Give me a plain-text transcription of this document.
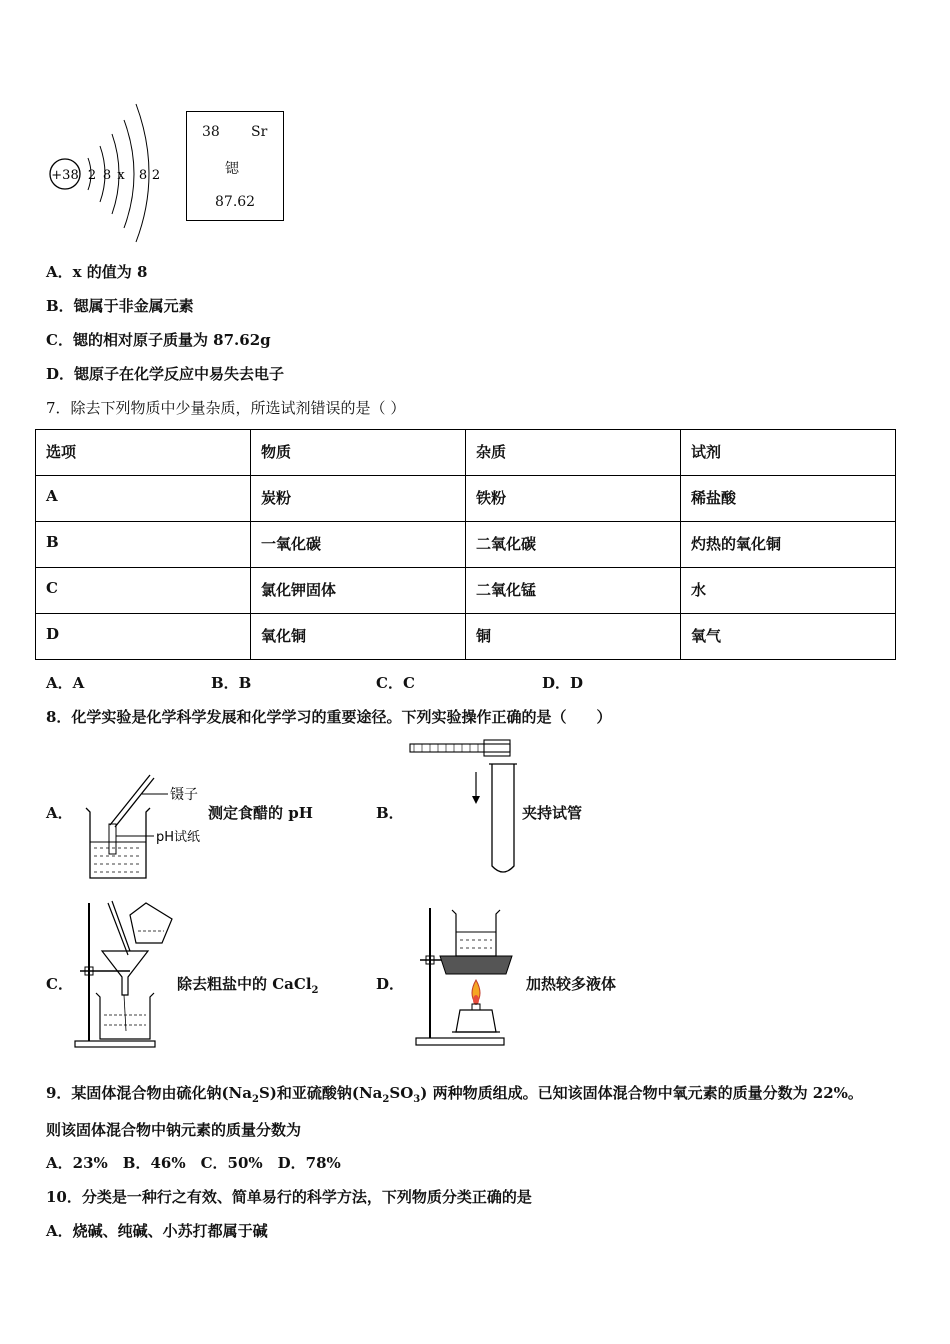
+38 2 8 x 8 2
38 Sr
锶
87.62
A．x 的值为 8
B．锶属于非金属元素
C．锶的相对原子质量为 87.62g
D．锶原子在化学反应中易失去电子
7．除去下列物质中少量杂质，所选试剂错误的是（ ）
选项	物质	杂质	试剂
A	炭粉	铁粉	稀盐酸
B	一氧化碳	二氧化碳	灼热的氧化铜
C	氯化钾固体	二氧化锰	水
D	氧化铜	铜	氧气
A．A	B．B	C．C	D．D
8．化学实验是化学科学发展和化学学习的重要途径。下列实验操作正确的是（　　）
A．
镊子
pH试纸
测定食醋的 pH	B．	夹持试管
C．	除去粗盐中的 CaCl$_2$	D．	加热较多液体
9．某固体混合物由硫化钠$(Na_2S)$和亚硫酸钠$(Na_2SO_3)$ 两种物质组成。已知该固体混合物中氧元素的质量分数为 22%。
则该固体混合物中钠元素的质量分数为
A．23%　B．46%　C．50%　D．78%
10．分类是一种行之有效、简单易行的科学方法，下列物质分类正确的是
A．烧碱、纯碱、小苏打都属于碱
